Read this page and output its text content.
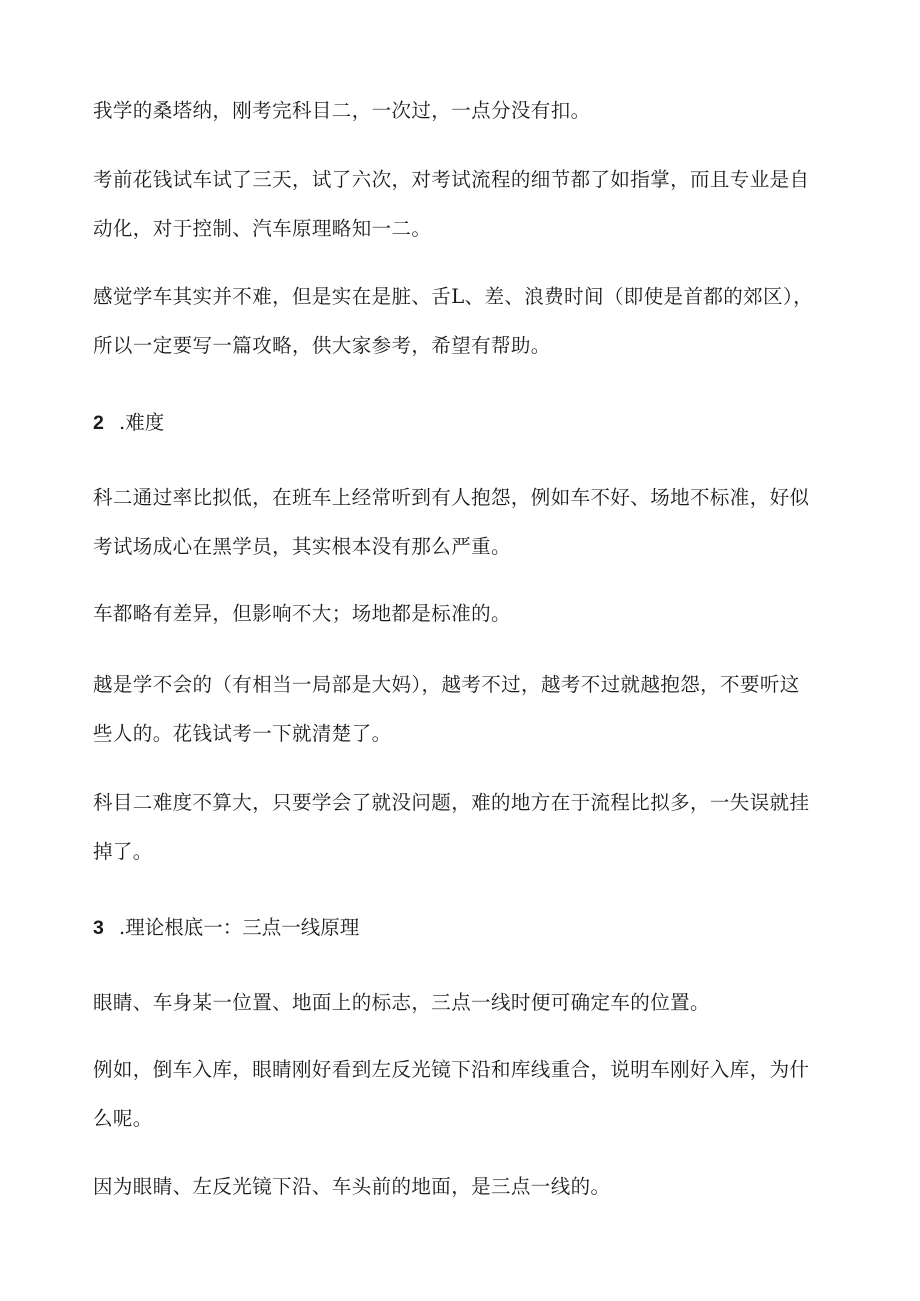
我学的桑塔纳，刚考完科目二，一次过，一点分没有扣。
考前花钱试车试了三天，试了六次，对考试流程的细节都了如指掌，而且专业是自
动化，对于控制、汽车原理略知一二。
感觉学车其实并不难，但是实在是脏、舌L、差、浪费时间（即使是首都的郊区），
所以一定要写一篇攻略，供大家参考，希望有帮助。
2 .难度
科二通过率比拟低，在班车上经常听到有人抱怨，例如车不好、场地不标准，好似
考试场成心在黑学员，其实根本没有那么严重。
车都略有差异，但影响不大；场地都是标准的。
越是学不会的（有相当一局部是大妈），越考不过，越考不过就越抱怨，不要听这
些人的。花钱试考一下就清楚了。
科目二难度不算大，只要学会了就没问题，难的地方在于流程比拟多，一失误就挂
掉了。
3 .理论根底一：三点一线原理
眼睛、车身某一位置、地面上的标志，三点一线时便可确定车的位置。
例如，倒车入库，眼睛刚好看到左反光镜下沿和库线重合，说明车刚好入库，为什
么呢。
因为眼睛、左反光镜下沿、车头前的地面，是三点一线的。
